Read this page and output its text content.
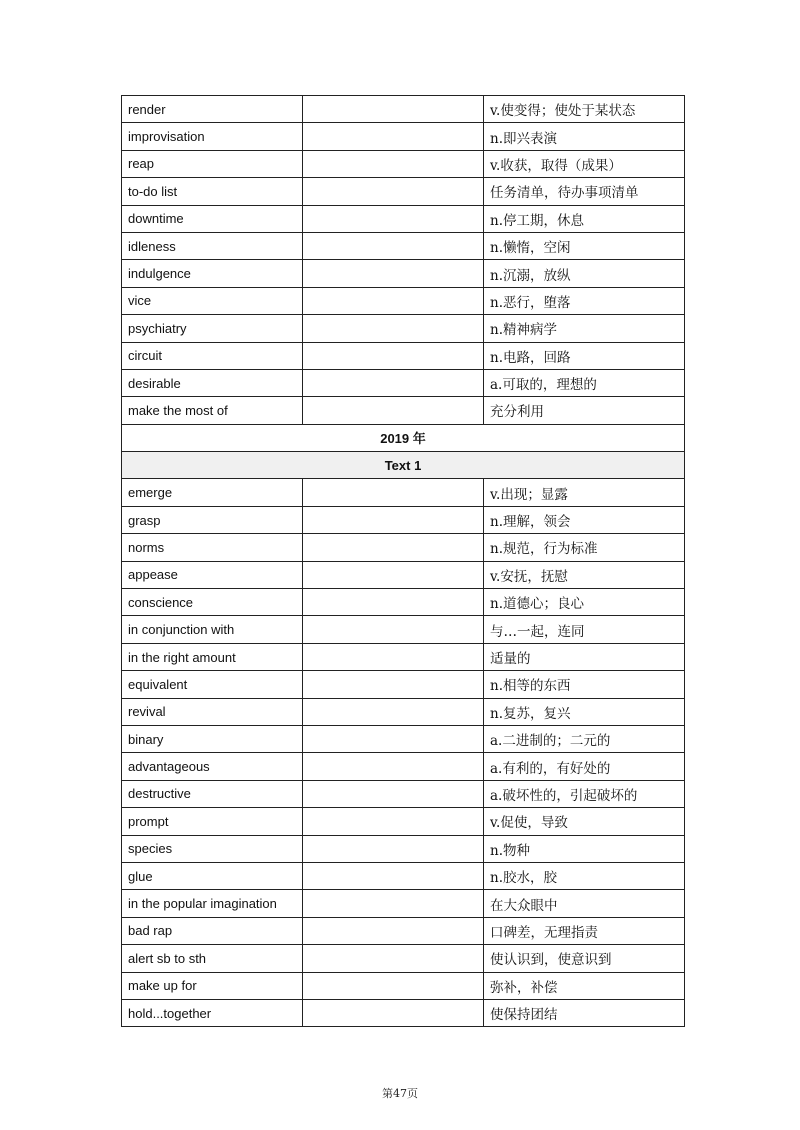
render		v.使变得；使处于某状态
improvisation		n.即兴表演
reap		v.收获，取得（成果）
to-do list		任务清单，待办事项清单
downtime		n.停工期，休息
idleness		n.懒惰，空闲
indulgence		n.沉溺，放纵
vice		n.恶行，堕落
psychiatry		n.精神病学
circuit		n.电路，回路
desirable		a.可取的，理想的
make the most of		充分利用
2019 年		
Text 1		
emerge		v.出现；显露
grasp		n.理解，领会
norms		n.规范，行为标准
appease		v.安抚，抚慰
conscience		n.道德心；良心
in conjunction with		与…一起，连同
in the right amount		适量的
equivalent		n.相等的东西
revival		n.复苏，复兴
binary		a.二进制的；二元的
advantageous		a.有利的，有好处的
destructive		a.破坏性的，引起破坏的
prompt		v.促使，导致
species		n.物种
glue		n.胶水，胶
in the popular imagination		在大众眼中
bad rap		口碑差，无理指责
alert sb to sth		使认识到，使意识到
make up for		弥补，补偿
hold...together		使保持团结
第47页
